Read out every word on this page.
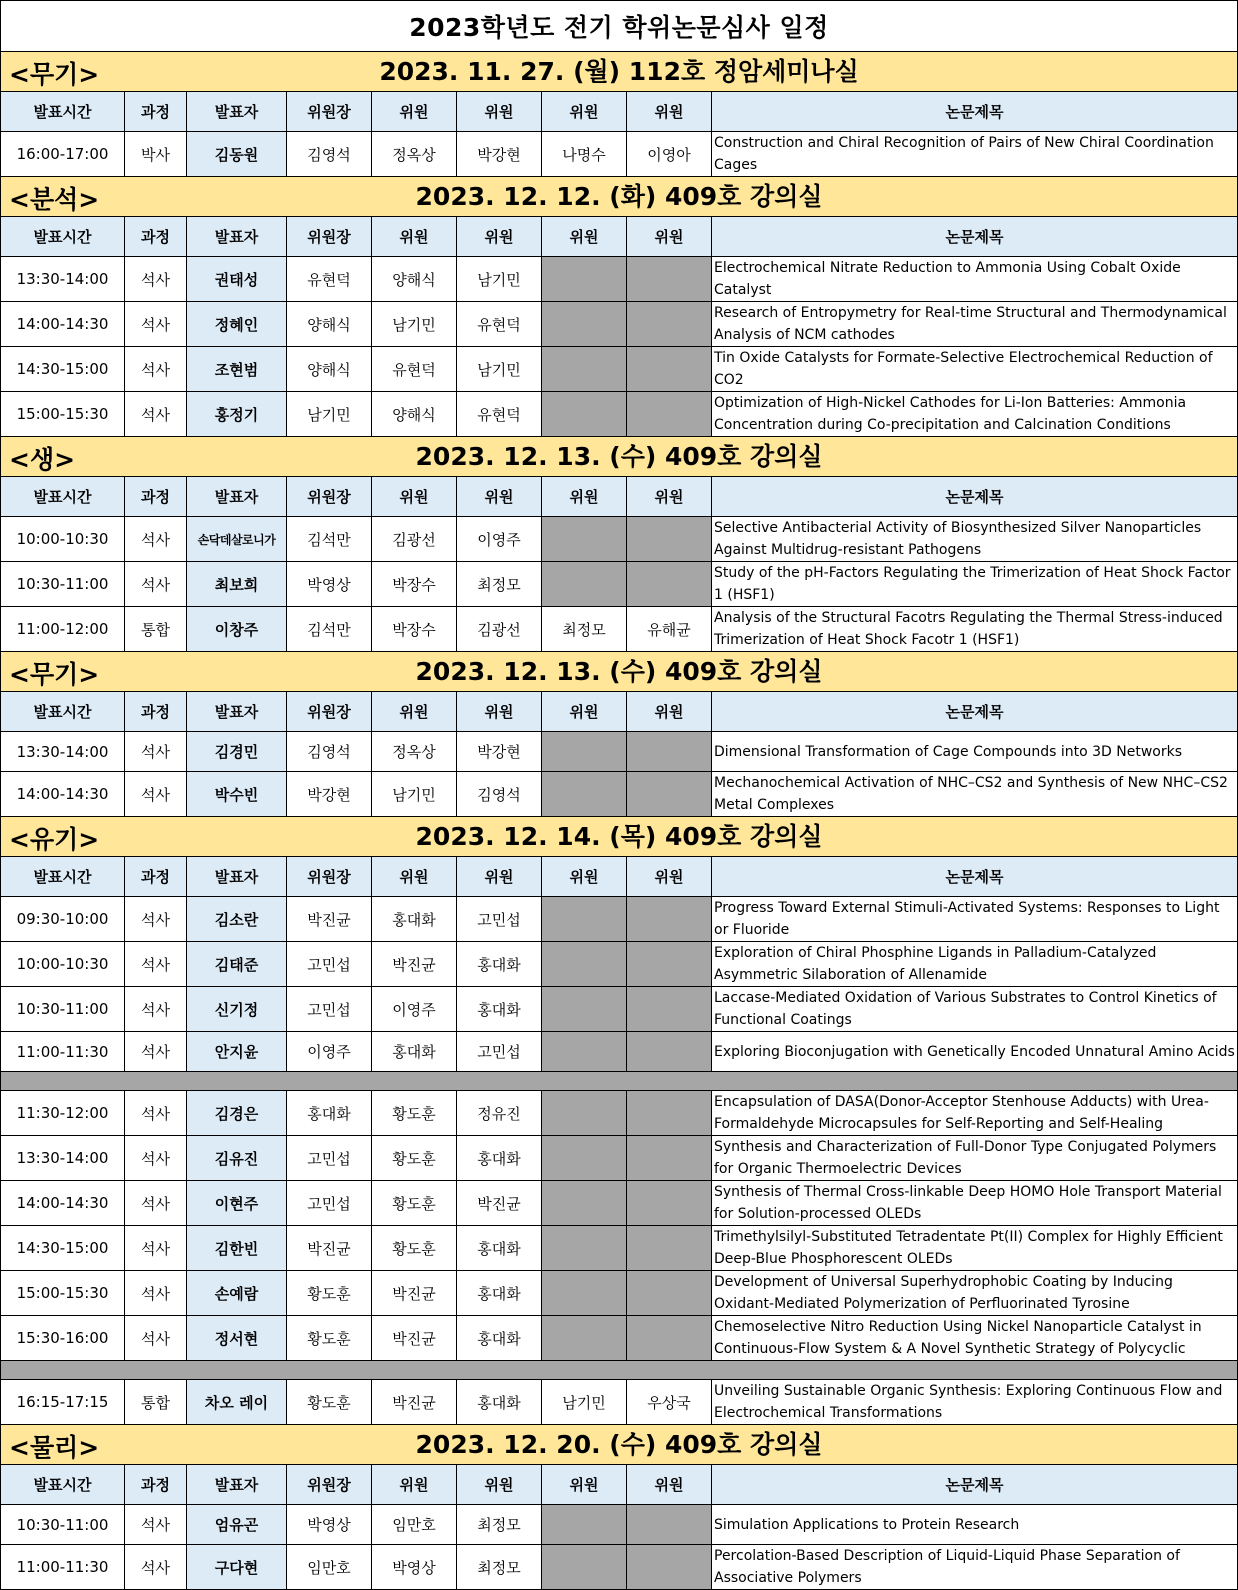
2023학년도 전기 학위논문심사 일정								

<무기> 2023. 11. 27. (월) 112호 정암세미나실								

발표시간	과정	발표자	위원장	위원	위원	위원	위원	논문제목
16:00-17:00	박사	김동원	김영석	정옥상	박강현	나명수	이영아	Construction and Chiral Recognition of Pairs of New Chiral Coordination Cages

<분석> 2023. 12. 12. (화) 409호 강의실								

발표시간	과정	발표자	위원장	위원	위원	위원	위원	논문제목
13:30-14:00	석사	권태성	유현덕	양해식	남기민			Electrochemical Nitrate Reduction to Ammonia Using Cobalt Oxide Catalyst
14:00-14:30	석사	정혜인	양해식	남기민	유현덕			Research of Entropymetry for Real-time Structural and Thermodynamical Analysis of NCM cathodes
14:30-15:00	석사	조현범	양해식	유현덕	남기민			Tin Oxide Catalysts for Formate-Selective Electrochemical Reduction of CO2
15:00-15:30	석사	홍정기	남기민	양해식	유현덕			Optimization of High-Nickel Cathodes for Li-Ion Batteries: Ammonia Concentration during Co-precipitation and Calcination Conditions

<생> 2023. 12. 13. (수) 409호 강의실								

발표시간	과정	발표자	위원장	위원	위원	위원	위원	논문제목
10:00-10:30	석사	손닥데살로니가	김석만	김광선	이영주			Selective Antibacterial Activity of Biosynthesized Silver Nanoparticles Against Multidrug-resistant Pathogens
10:30-11:00	석사	최보희	박영상	박장수	최정모			Study of the pH-Factors Regulating the Trimerization of Heat Shock Factor 1 (HSF1)
11:00-12:00	통합	이창주	김석만	박장수	김광선	최정모	유해균	Analysis of the Structural Facotrs Regulating the Thermal Stress-induced Trimerization of Heat Shock Facotr 1 (HSF1)

<무기> 2023. 12. 13. (수) 409호 강의실								

발표시간	과정	발표자	위원장	위원	위원	위원	위원	논문제목
13:30-14:00	석사	김경민	김영석	정옥상	박강현			Dimensional Transformation of Cage Compounds into 3D Networks
14:00-14:30	석사	박수빈	박강현	남기민	김영석			Mechanochemical Activation of NHC–CS2 and Synthesis of New NHC–CS2 Metal Complexes

<유기> 2023. 12. 14. (목) 409호 강의실								

발표시간	과정	발표자	위원장	위원	위원	위원	위원	논문제목
09:30-10:00	석사	김소란	박진균	홍대화	고민섭			Progress Toward External Stimuli-Activated Systems: Responses to Light or Fluoride
10:00-10:30	석사	김태준	고민섭	박진균	홍대화			Exploration of Chiral Phosphine Ligands in Palladium-Catalyzed Asymmetric Silaboration of Allenamide
10:30-11:00	석사	신기정	고민섭	이영주	홍대화			Laccase-Mediated Oxidation of Various Substrates to Control Kinetics of Functional Coatings
11:00-11:30	석사	안지윤	이영주	홍대화	고민섭			Exploring Bioconjugation with Genetically Encoded Unnatural Amino Acids

11:30-12:00	석사	김경은	홍대화	황도훈	정유진			Encapsulation of DASA(Donor-Acceptor Stenhouse Adducts) with Urea-Formaldehyde Microcapsules for Self-Reporting and Self-Healing
13:30-14:00	석사	김유진	고민섭	황도훈	홍대화			Synthesis and Characterization of Full-Donor Type Conjugated Polymers for Organic Thermoelectric Devices
14:00-14:30	석사	이현주	고민섭	황도훈	박진균			Synthesis of Thermal Cross-linkable Deep HOMO Hole Transport Material for Solution-processed OLEDs
14:30-15:00	석사	김한빈	박진균	황도훈	홍대화			Trimethylsilyl-Substituted Tetradentate Pt(II) Complex for Highly Efficient Deep-Blue Phosphorescent OLEDs
15:00-15:30	석사	손예람	황도훈	박진균	홍대화			Development of Universal Superhydrophobic Coating by Inducing Oxidant-Mediated Polymerization of Perfluorinated Tyrosine
15:30-16:00	석사	정서현	황도훈	박진균	홍대화			Chemoselective Nitro Reduction Using Nickel Nanoparticle Catalyst in Continuous-Flow System & A Novel Synthetic Strategy of Polycyclic

16:15-17:15	통합	차오 레이	황도훈	박진균	홍대화	남기민	우상국	Unveiling Sustainable Organic Synthesis: Exploring Continuous Flow and Electrochemical Transformations

<물리> 2023. 12. 20. (수) 409호 강의실								

발표시간	과정	발표자	위원장	위원	위원	위원	위원	논문제목
10:30-11:00	석사	엄유곤	박영상	임만호	최정모			Simulation Applications to Protein Research
11:00-11:30	석사	구다현	임만호	박영상	최정모			Percolation-Based Description of Liquid-Liquid Phase Separation of Associative Polymers
